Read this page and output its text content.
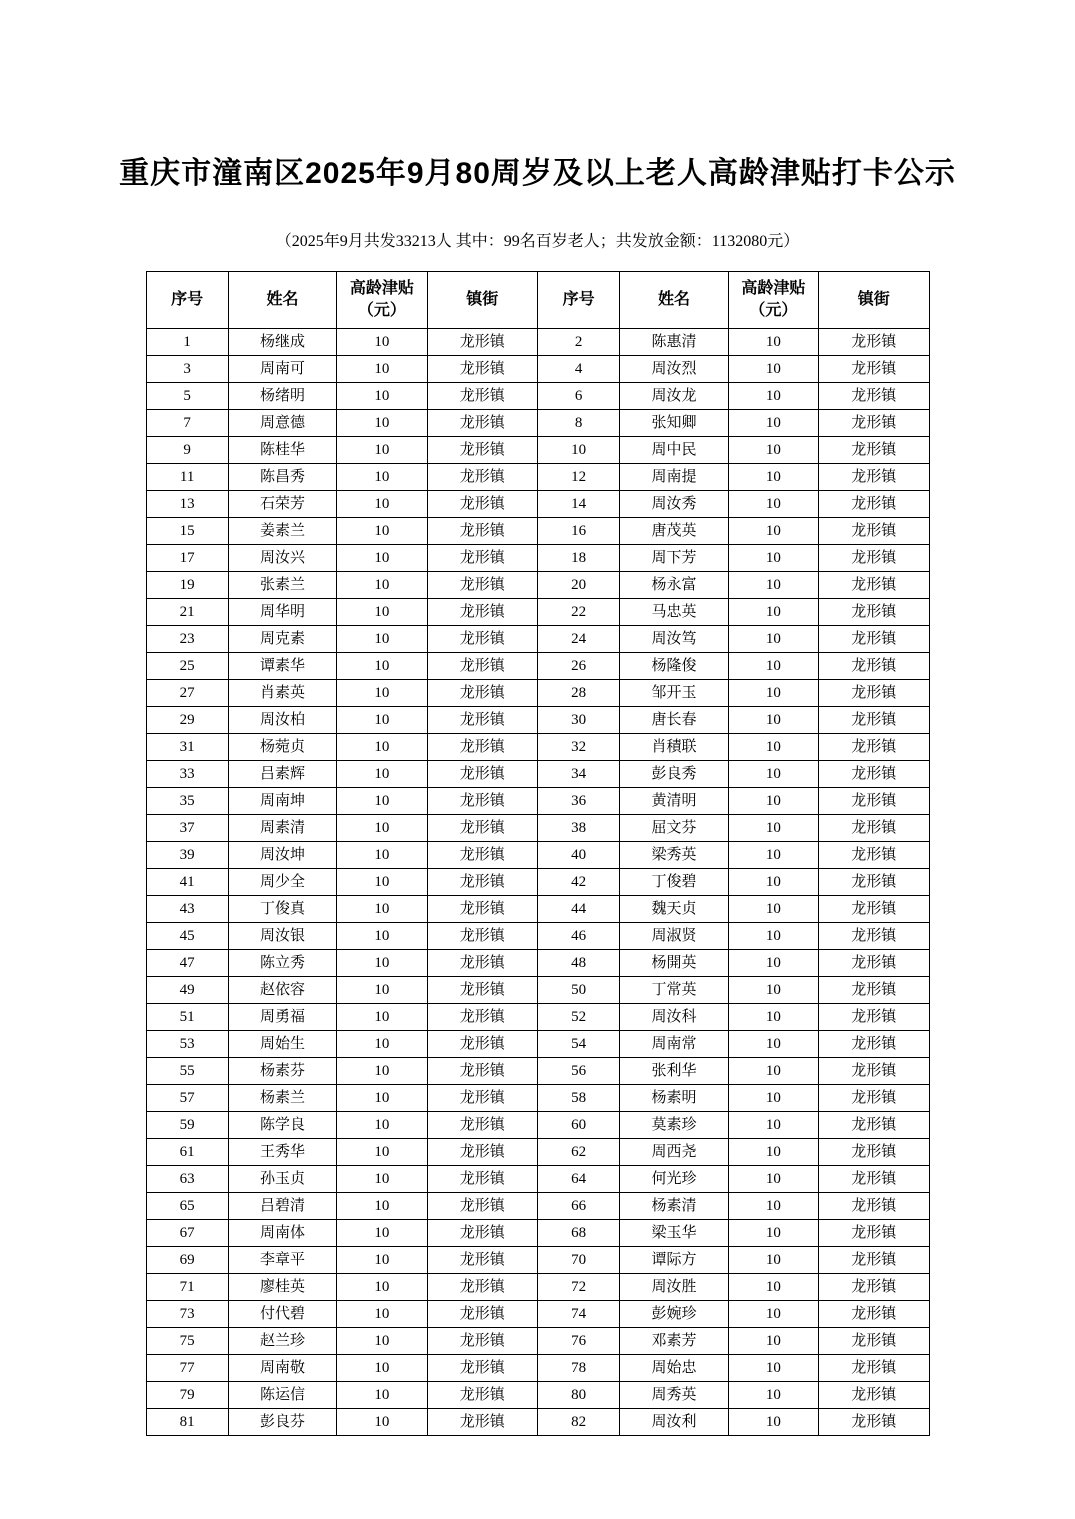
重庆市潼南区2025年9月80周岁及以上老人高龄津贴打卡公示
（2025年9月共发33213人 其中：99名百岁老人；共发放金额：1132080元）
序号	姓名	高龄津贴
（元）	镇街	序号	姓名	高龄津贴
（元）	镇街
1	杨继成	10	龙形镇	2	陈惠清	10	龙形镇
3	周南可	10	龙形镇	4	周汝烈	10	龙形镇
5	杨绪明	10	龙形镇	6	周汝龙	10	龙形镇
7	周意德	10	龙形镇	8	张知卿	10	龙形镇
9	陈桂华	10	龙形镇	10	周中民	10	龙形镇
11	陈昌秀	10	龙形镇	12	周南提	10	龙形镇
13	石荣芳	10	龙形镇	14	周汝秀	10	龙形镇
15	姜素兰	10	龙形镇	16	唐茂英	10	龙形镇
17	周汝兴	10	龙形镇	18	周下芳	10	龙形镇
19	张素兰	10	龙形镇	20	杨永富	10	龙形镇
21	周华明	10	龙形镇	22	马忠英	10	龙形镇
23	周克素	10	龙形镇	24	周汝笃	10	龙形镇
25	谭素华	10	龙形镇	26	杨隆俊	10	龙形镇
27	肖素英	10	龙形镇	28	邹开玉	10	龙形镇
29	周汝柏	10	龙形镇	30	唐长春	10	龙形镇
31	杨菀贞	10	龙形镇	32	肖積联	10	龙形镇
33	吕素辉	10	龙形镇	34	彭良秀	10	龙形镇
35	周南坤	10	龙形镇	36	黄清明	10	龙形镇
37	周素清	10	龙形镇	38	屈文芬	10	龙形镇
39	周汝坤	10	龙形镇	40	梁秀英	10	龙形镇
41	周少全	10	龙形镇	42	丁俊碧	10	龙形镇
43	丁俊真	10	龙形镇	44	魏天贞	10	龙形镇
45	周汝银	10	龙形镇	46	周淑贤	10	龙形镇
47	陈立秀	10	龙形镇	48	杨開英	10	龙形镇
49	赵依容	10	龙形镇	50	丁常英	10	龙形镇
51	周勇福	10	龙形镇	52	周汝科	10	龙形镇
53	周始生	10	龙形镇	54	周南常	10	龙形镇
55	杨素芬	10	龙形镇	56	张利华	10	龙形镇
57	杨素兰	10	龙形镇	58	杨素明	10	龙形镇
59	陈学良	10	龙形镇	60	莫素珍	10	龙形镇
61	王秀华	10	龙形镇	62	周西尧	10	龙形镇
63	孙玉贞	10	龙形镇	64	何光珍	10	龙形镇
65	吕碧清	10	龙形镇	66	杨素清	10	龙形镇
67	周南体	10	龙形镇	68	梁玉华	10	龙形镇
69	李章平	10	龙形镇	70	谭际方	10	龙形镇
71	廖桂英	10	龙形镇	72	周汝胜	10	龙形镇
73	付代碧	10	龙形镇	74	彭婉珍	10	龙形镇
75	赵兰珍	10	龙形镇	76	邓素芳	10	龙形镇
77	周南敬	10	龙形镇	78	周始忠	10	龙形镇
79	陈运信	10	龙形镇	80	周秀英	10	龙形镇
81	彭良芬	10	龙形镇	82	周汝利	10	龙形镇
